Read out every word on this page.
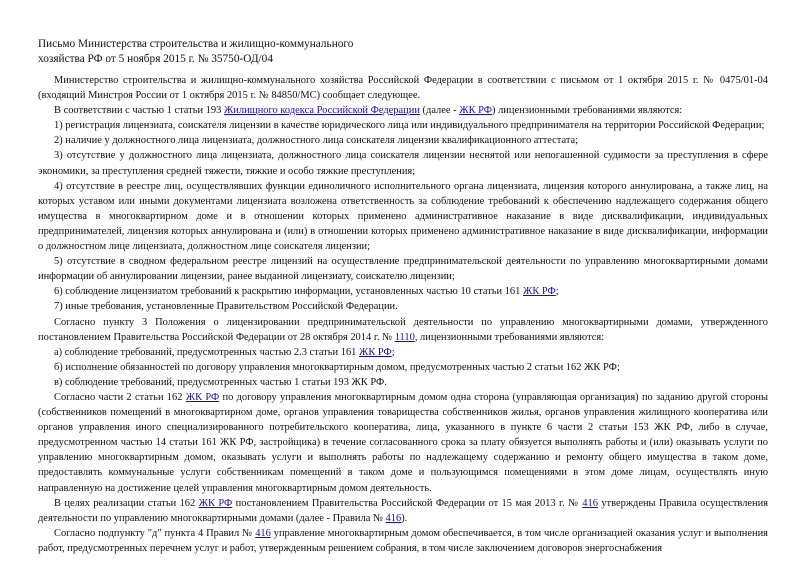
Письмо Министерства строительства и жилищно-коммунального
хозяйства РФ от 5 ноября 2015 г. № 35750-ОД/04

Министерство строительства и жилищно-коммунального хозяйства Российской Федерации в соответствии с письмом от 1 октября 2015 г. № 0475/01-04 (входящий Минстроя России от 1 октября 2015 г. № 84850/МС) сообщает следующее.

В соответствии с частью 1 статьи 193 Жилищного кодекса Российской Федерации (далее - ЖК РФ) лицензионными требованиями являются:

1) регистрация лицензиата, соискателя лицензии в качестве юридического лица или индивидуального предпринимателя на территории Российской Федерации;

2) наличие у должностного лица лицензиата, должностного лица соискателя лицензии квалификационного аттестата;

3) отсутствие у должностного лица лицензиата, должностного лица соискателя лицензии неснятой или непогашенной судимости за преступления в сфере экономики, за преступления средней тяжести, тяжкие и особо тяжкие преступления;

4) отсутствие в реестре лиц, осуществлявших функции единоличного исполнительного органа лицензиата, лицензия которого аннулирована, а также лиц, на которых уставом или иными документами лицензиата возложена ответственность за соблюдение требований к обеспечению надлежащего содержания общего имущества в многоквартирном доме и в отношении которых применено административное наказание в виде дисквалификации, индивидуальных предпринимателей, лицензия которых аннулирована и (или) в отношении которых применено административное наказание в виде дисквалификации, информации о должностном лице лицензиата, должностном лице соискателя лицензии;

5) отсутствие в сводном федеральном реестре лицензий на осуществление предпринимательской деятельности по управлению многоквартирными домами информации об аннулировании лицензии, ранее выданной лицензиату, соискателю лицензии;

6) соблюдение лицензиатом требований к раскрытию информации, установленных частью 10 статьи 161 ЖК РФ;

7) иные требования, установленные Правительством Российской Федерации.

Согласно пункту 3 Положения о лицензировании предпринимательской деятельности по управлению многоквартирными домами, утвержденного постановлением Правительства Российской Федерации от 28 октября 2014 г. № 1110, лицензионными требованиями являются:

а) соблюдение требований, предусмотренных частью 2.3 статьи 161 ЖК РФ;

б) исполнение обязанностей по договору управления многоквартирным домом, предусмотренных частью 2 статьи 162 ЖК РФ;

в) соблюдение требований, предусмотренных частью 1 статьи 193 ЖК РФ.

Согласно части 2 статьи 162 ЖК РФ по договору управления многоквартирным домом одна сторона (управляющая организация) по заданию другой стороны (собственников помещений в многоквартирном доме, органов управления товарищества собственников жилья, органов управления жилищного кооператива или органов управления иного специализированного потребительского кооператива, лица, указанного в пункте 6 части 2 статьи 153 ЖК РФ, либо в случае, предусмотренном частью 14 статьи 161 ЖК РФ, застройщика) в течение согласованного срока за плату обязуется выполнять работы и (или) оказывать услуги по управлению многоквартирным домом, оказывать услуги и выполнять работы по надлежащему содержанию и ремонту общего имущества в таком доме, предоставлять коммунальные услуги собственникам помещений в таком доме и пользующимся помещениями в этом доме лицам, осуществлять иную направленную на достижение целей управления многоквартирным домом деятельность.

В целях реализации статьи 162 ЖК РФ постановлением Правительства Российской Федерации от 15 мая 2013 г. № 416 утверждены Правила осуществления деятельности по управлению многоквартирными домами (далее - Правила № 416).

Согласно подпункту "д" пункта 4 Правил № 416 управление многоквартирным домом обеспечивается, в том числе организацией оказания услуг и выполнения работ, предусмотренных перечнем услуг и работ, утвержденным решением собрания, в том числе заключением договоров энергоснабжения
